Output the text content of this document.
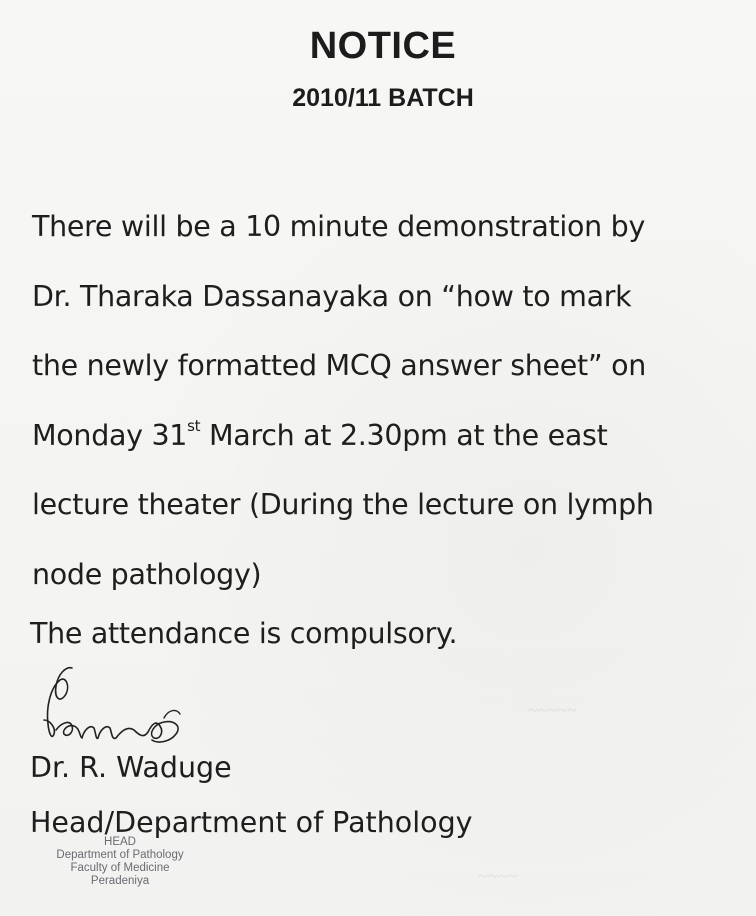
~~~~~
~~~~
NOTICE
2010/11 BATCH
There will be a 10 minute demonstration by
Dr. Tharaka Dassanayaka on “how to mark
the newly formatted MCQ answer sheet” on
Monday 31st March at 2.30pm at the east
lecture theater (During the lecture on lymph
node pathology)
The attendance is compulsory.
Dr. R. Waduge
Head/Department of Pathology
HEAD
Department of Pathology
Faculty of Medicine
Peradeniya
